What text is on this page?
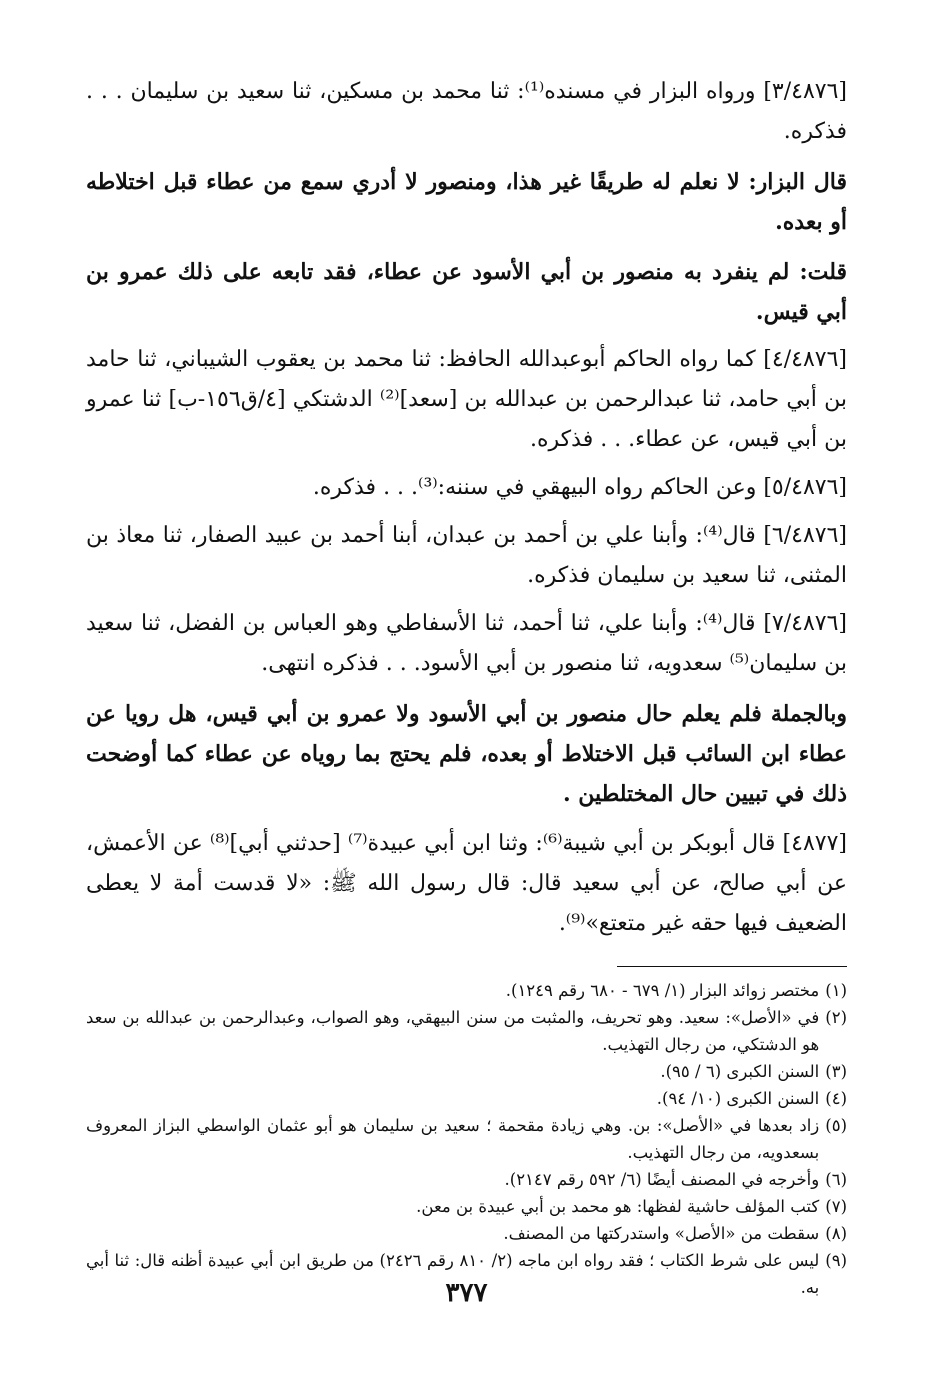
[٣/٤٨٧٦] ورواه البزار في مسنده⁽¹⁾: ثنا محمد بن مسكين، ثنا سعيد بن سليمان . . . فذكره.

قال البزار: لا نعلم له طريقًا غير هذا، ومنصور لا أدري سمع من عطاء قبل اختلاطه أو بعده.

قلت: لم ينفرد به منصور بن أبي الأسود عن عطاء، فقد تابعه على ذلك عمرو بن أبي قيس.

[٤/٤٨٧٦] كما رواه الحاكم أبوعبدالله الحافظ: ثنا محمد بن يعقوب الشيباني، ثنا حامد بن أبي حامد، ثنا عبدالرحمن بن عبدالله بن [سعد]⁽²⁾ الدشتكي [٤/ق١٥٦-ب] ثنا عمرو بن أبي قيس، عن عطاء. . . فذكره.

[٥/٤٨٧٦] وعن الحاكم رواه البيهقي في سننه:⁽³⁾. . . فذكره.

[٦/٤٨٧٦] قال⁽⁴⁾: وأبنا علي بن أحمد بن عبدان، أبنا أحمد بن عبيد الصفار، ثنا معاذ بن المثنى، ثنا سعيد بن سليمان فذكره.

[٧/٤٨٧٦] قال⁽⁴⁾: وأبنا علي، ثنا أحمد، ثنا الأسفاطي وهو العباس بن الفضل، ثنا سعيد بن سليمان⁽⁵⁾ سعدويه، ثنا منصور بن أبي الأسود. . . فذكره انتهى.

وبالجملة فلم يعلم حال منصور بن أبي الأسود ولا عمرو بن أبي قيس، هل رويا عن عطاء ابن السائب قبل الاختلاط أو بعده، فلم يحتج بما روياه عن عطاء كما أوضحت ذلك في تبيين حال المختلطين .

[٤٨٧٧] قال أبوبكر بن أبي شيبة⁽⁶⁾: وثنا ابن أبي عبيدة⁽⁷⁾ [حدثني أبي]⁽⁸⁾ عن الأعمش، عن أبي صالح، عن أبي سعيد قال: قال رسول الله ﷺ: «لا قدست أمة لا يعطى الضعيف فيها حقه غير متعتع»⁽⁹⁾.

(١)
مختصر زوائد البزار (١/ ٦٧٩ - ٦٨٠ رقم ١٢٤٩).
(٢)
في «الأصل»: سعيد. وهو تحريف، والمثبت من سنن البيهقي، وهو الصواب، وعبدالرحمن بن عبدالله بن سعد هو الدشتكي، من رجال التهذيب.
(٣)
السنن الكبرى (٦ / ٩٥).
(٤)
السنن الكبرى (١٠/ ٩٤).
(٥)
زاد بعدها في «الأصل»: بن. وهي زيادة مقحمة ؛ سعيد بن سليمان هو أبو عثمان الواسطي البزاز المعروف بسعدويه، من رجال التهذيب.
(٦)
وأخرجه في المصنف أيضًا (٦/ ٥٩٢ رقم ٢١٤٧).
(٧)
كتب المؤلف حاشية لفظها: هو محمد بن أبي عبيدة بن معن.
(٨)
سقطت من «الأصل» واستدركتها من المصنف.
(٩)
ليس على شرط الكتاب ؛ فقد رواه ابن ماجه (٢/ ٨١٠ رقم ٢٤٢٦) من طريق ابن أبي عبيدة أظنه قال: ثنا أبي به.
٣٧٧
